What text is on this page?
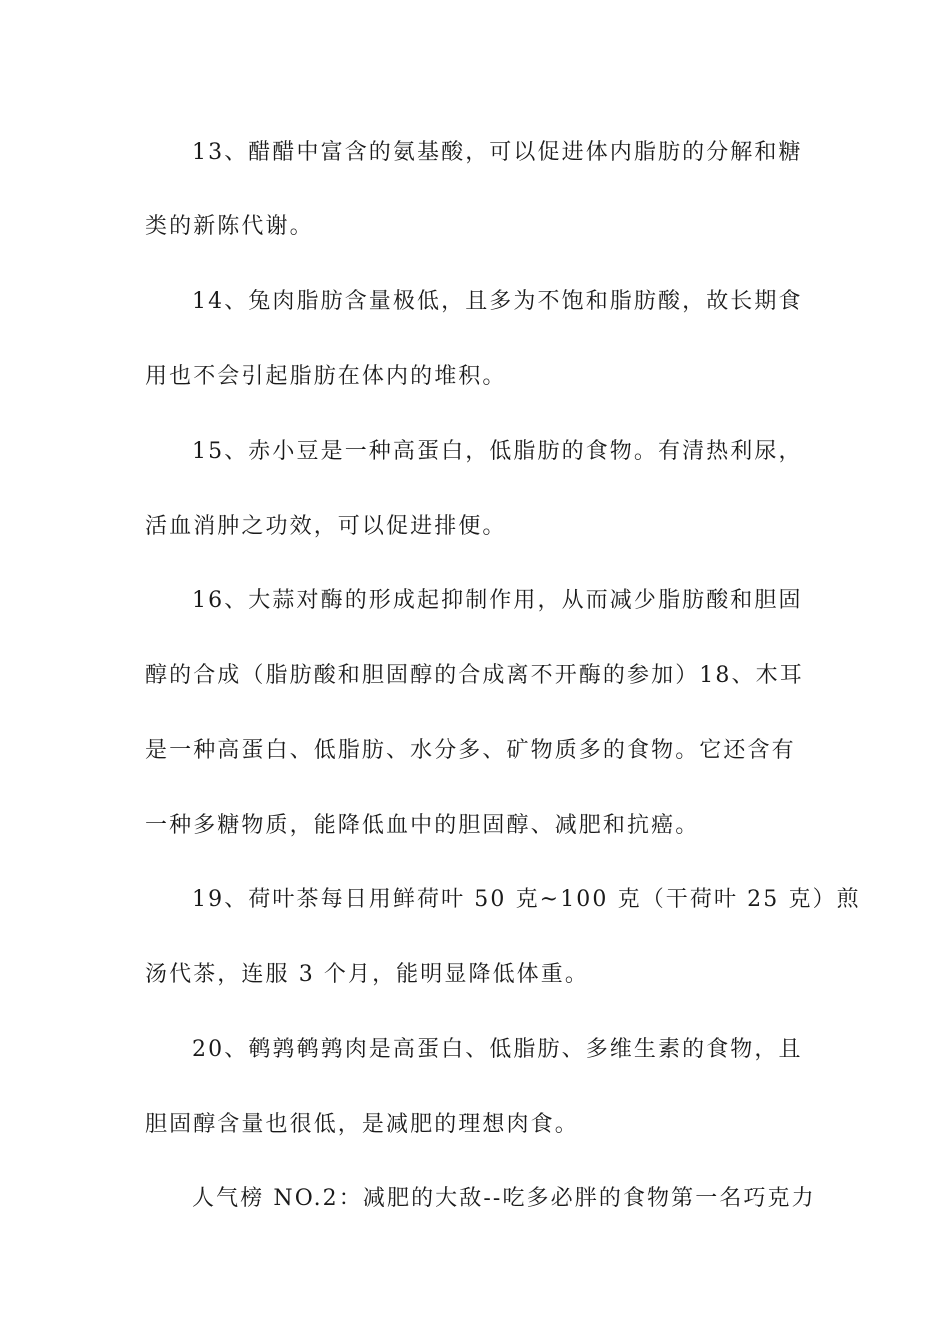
13、醋醋中富含的氨基酸，可以促进体内脂肪的分解和糖
类的新陈代谢。
14、兔肉脂肪含量极低，且多为不饱和脂肪酸，故长期食
用也不会引起脂肪在体内的堆积。
15、赤小豆是一种高蛋白，低脂肪的食物。有清热利尿，
活血消肿之功效，可以促进排便。
16、大蒜对酶的形成起抑制作用，从而减少脂肪酸和胆固
醇的合成（脂肪酸和胆固醇的合成离不开酶的参加）18、木耳
是一种高蛋白、低脂肪、水分多、矿物质多的食物。它还含有
一种多糖物质，能降低血中的胆固醇、减肥和抗癌。
19、荷叶茶每日用鲜荷叶 50 克~100 克（干荷叶 25 克）煎
汤代茶，连服 3 个月，能明显降低体重。
20、鹌鹑鹌鹑肉是高蛋白、低脂肪、多维生素的食物，且
胆固醇含量也很低，是减肥的理想肉食。
人气榜 NO.2：减肥的大敌--吃多必胖的食物第一名巧克力
